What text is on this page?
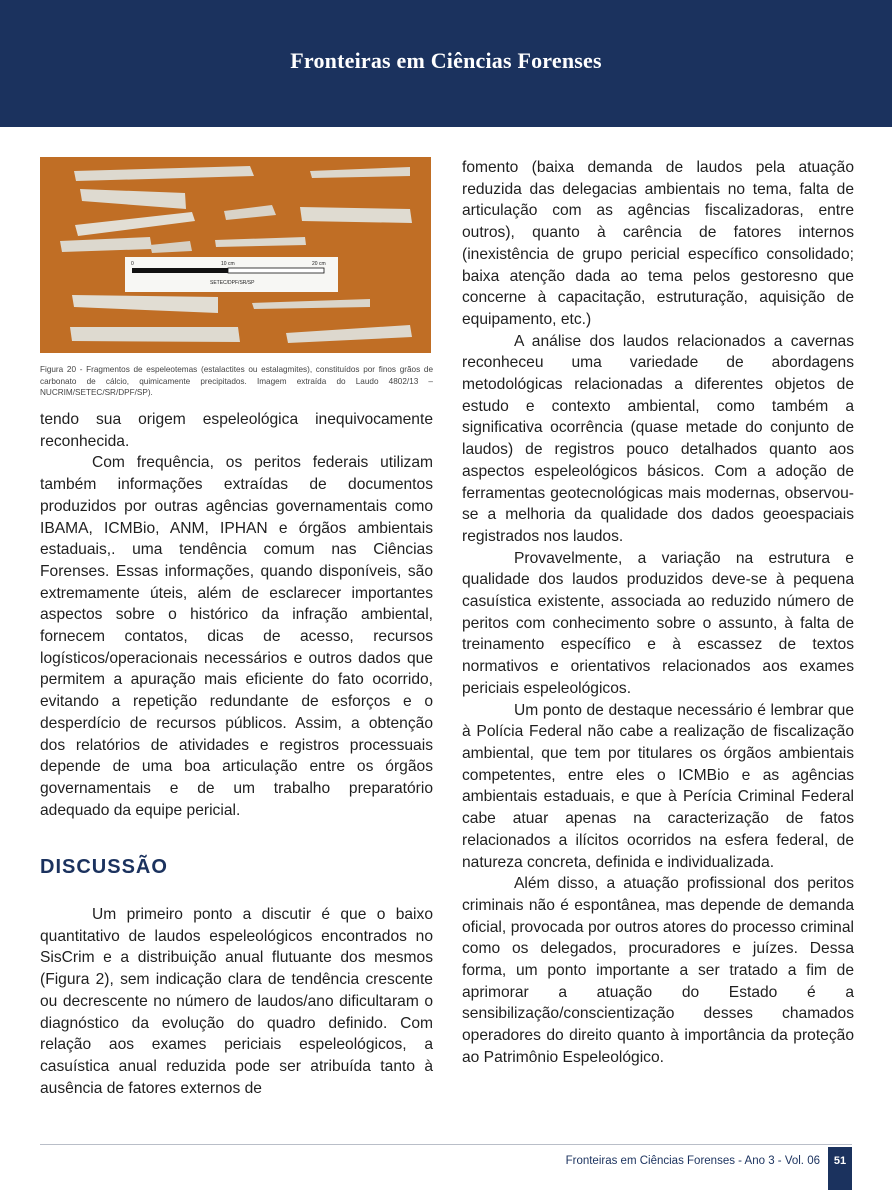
Fronteiras em Ciências Forenses
0	10 cm	20 cm
SETEC/DPF/SR/SP
Figura 20 - Fragmentos de espeleotemas (estalactites ou estalagmites), constituídos por finos grãos de carbonato de cálcio, quimicamente precipitados. Imagem extraída do Laudo 4802/13 – NUCRIM/SETEC/SR/DPF/SP).

tendo sua origem espeleológica inequivocamente reconhecida.

Com frequência, os peritos federais utilizam também informações extraídas de documentos produzidos por outras agências governamentais como IBAMA, ICMBio, ANM, IPHAN e órgãos ambientais estaduais,. uma tendência comum nas Ciências Forenses. Essas informações, quando disponíveis, são extremamente úteis, além de esclarecer importantes aspectos sobre o histórico da infração ambiental, fornecem contatos, dicas de acesso, recursos logísticos/operacionais necessários e outros dados que permitem a apuração mais eficiente do fato ocorrido, evitando a repetição redundante de esforços e o desperdício de recursos públicos. Assim, a obtenção dos relatórios de atividades e registros processuais depende de uma boa articulação entre os órgãos governamentais e de um trabalho preparatório adequado da equipe pericial.

DISCUSSÃO

Um primeiro ponto a discutir é que o baixo quantitativo de laudos espeleológicos encontrados no SisCrim e a distribuição anual flutuante dos mesmos (Figura 2), sem indicação clara de tendência crescente ou decrescente no número de laudos/ano dificultaram o diagnóstico da evolução do quadro definido. Com relação aos exames periciais espeleológicos, a casuística anual reduzida pode ser atribuída tanto à ausência de fatores externos de

fomento (baixa demanda de laudos pela atuação reduzida das delegacias ambientais no tema, falta de articulação com as agências fiscalizadoras, entre outros), quanto à carência de fatores internos (inexistência de grupo pericial específico consolidado; baixa atenção dada ao tema pelos gestoresno que concerne à capacitação, estruturação, aquisição de equipamento, etc.)

A análise dos laudos relacionados a cavernas reconheceu uma variedade de abordagens metodológicas relacionadas a diferentes objetos de estudo e contexto ambiental, como também a significativa ocorrência (quase metade do conjunto de laudos) de registros pouco detalhados quanto aos aspectos espeleológicos básicos. Com a adoção de ferramentas geotecnológicas mais modernas, observou-se a melhoria da qualidade dos dados geoespaciais registrados nos laudos.

Provavelmente, a variação na estrutura e qualidade dos laudos produzidos deve-se à pequena casuística existente, associada ao reduzido número de peritos com conhecimento sobre o assunto, à falta de treinamento específico e à escassez de textos normativos e orientativos relacionados aos exames periciais espeleológicos.

Um ponto de destaque necessário é lembrar que à Polícia Federal não cabe a realização de fiscalização ambiental, que tem por titulares os órgãos ambientais competentes, entre eles o ICMBio e as agências ambientais estaduais, e que à Perícia Criminal Federal cabe atuar apenas na caracterização de fatos relacionados a ilícitos ocorridos na esfera federal, de natureza concreta, definida e individualizada.

Além disso, a atuação profissional dos peritos criminais não é espontânea, mas depende de demanda oficial, provocada por outros atores do processo criminal como os delegados, procuradores e juízes. Dessa forma, um ponto importante a ser tratado a fim de aprimorar a atuação do Estado é a sensibilização/conscientização desses chamados operadores do direito quanto à importância da proteção ao Patrimônio Espeleológico.

Fronteiras em Ciências Forenses - Ano 3 - Vol. 06	51
